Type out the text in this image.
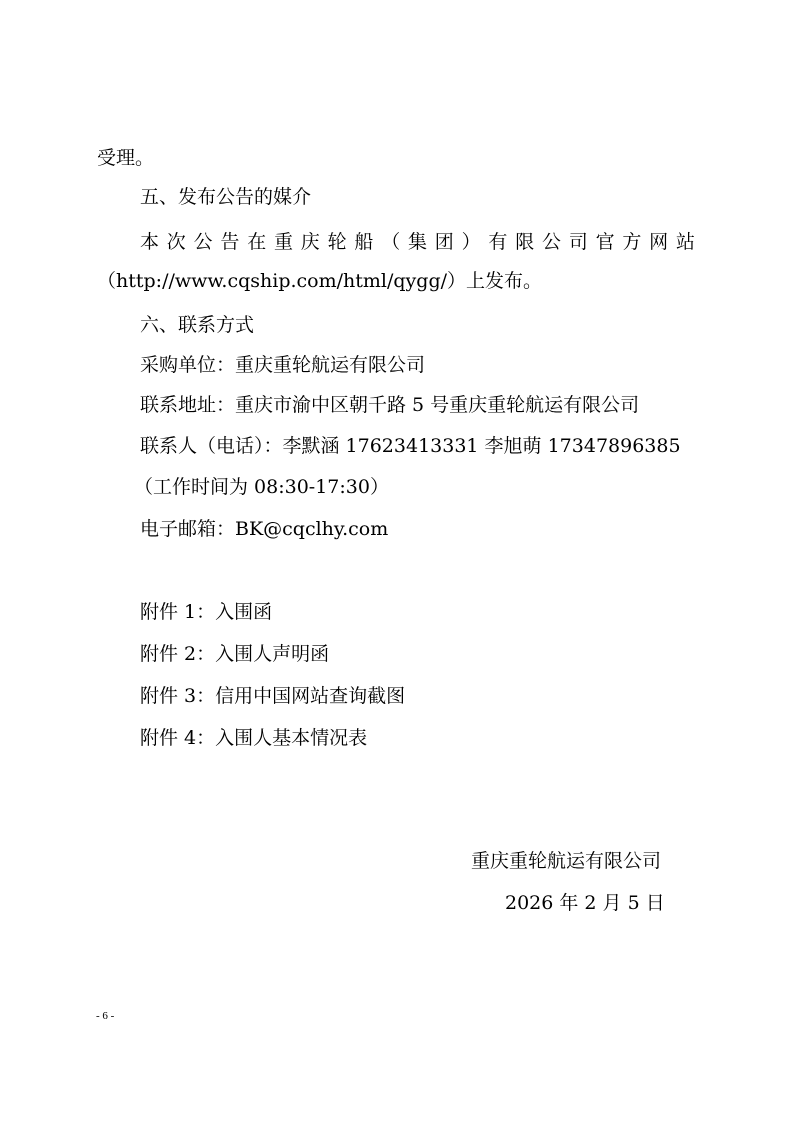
受理。
五、发布公告的媒介
本次公告在重庆轮船（集团）有限公司官方网站
（http://www.cqship.com/html/qygg/）上发布。
六、联系方式
采购单位：重庆重轮航运有限公司
联系地址：重庆市渝中区朝千路 5 号重庆重轮航运有限公司
联系人（电话）：李默涵 17623413331 李旭萌 17347896385
（工作时间为 08:30-17:30）
电子邮箱：BK@cqclhy.com
附件 1：入围函
附件 2：入围人声明函
附件 3：信用中国网站查询截图
附件 4：入围人基本情况表
重庆重轮航运有限公司
2026 年 2 月 5 日
- 6 -
